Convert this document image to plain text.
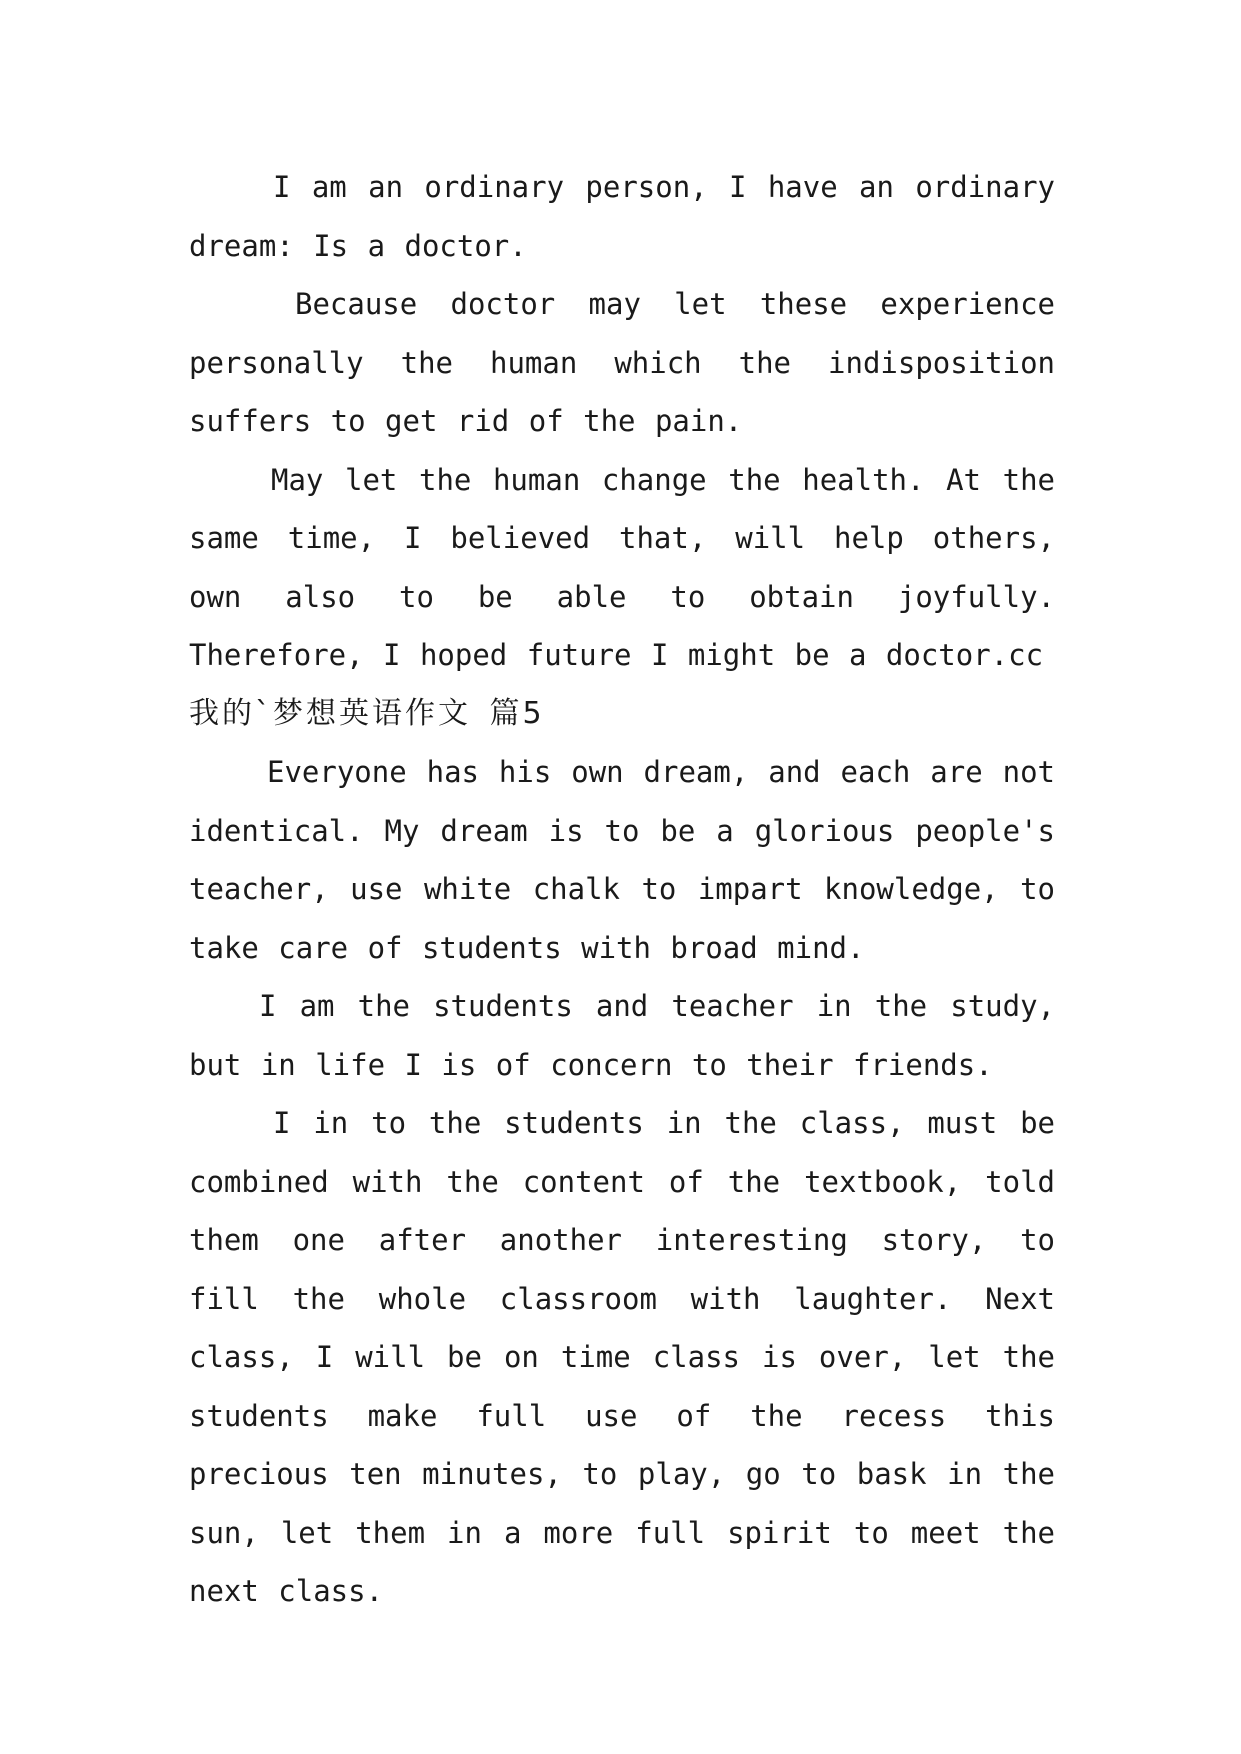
I am an ordinary person, I have an ordinary dream: Is a doctor.

Because doctor may let these experience personally the human which the indisposition suffers to get rid of the pain.

May let the human change the health. At the same time, I believed that, will help others, own also to be able to obtain joyfully. Therefore, I hoped future I might be a doctor.cc

我的`梦想英语作文 篇5

Everyone has his own dream, and each are not identical. My dream is to be a glorious people's teacher, use white chalk to impart knowledge, to take care of students with broad mind.

I am the students and teacher in the study, but in life I is of concern to their friends.

I in to the students in the class, must be combined with the content of the textbook, told them one after another interesting story, to fill the whole classroom with laughter. Next class, I will be on time class is over, let the students make full use of the recess this precious ten minutes, to play, go to bask in the sun, let them in a more full spirit to meet the next class.
